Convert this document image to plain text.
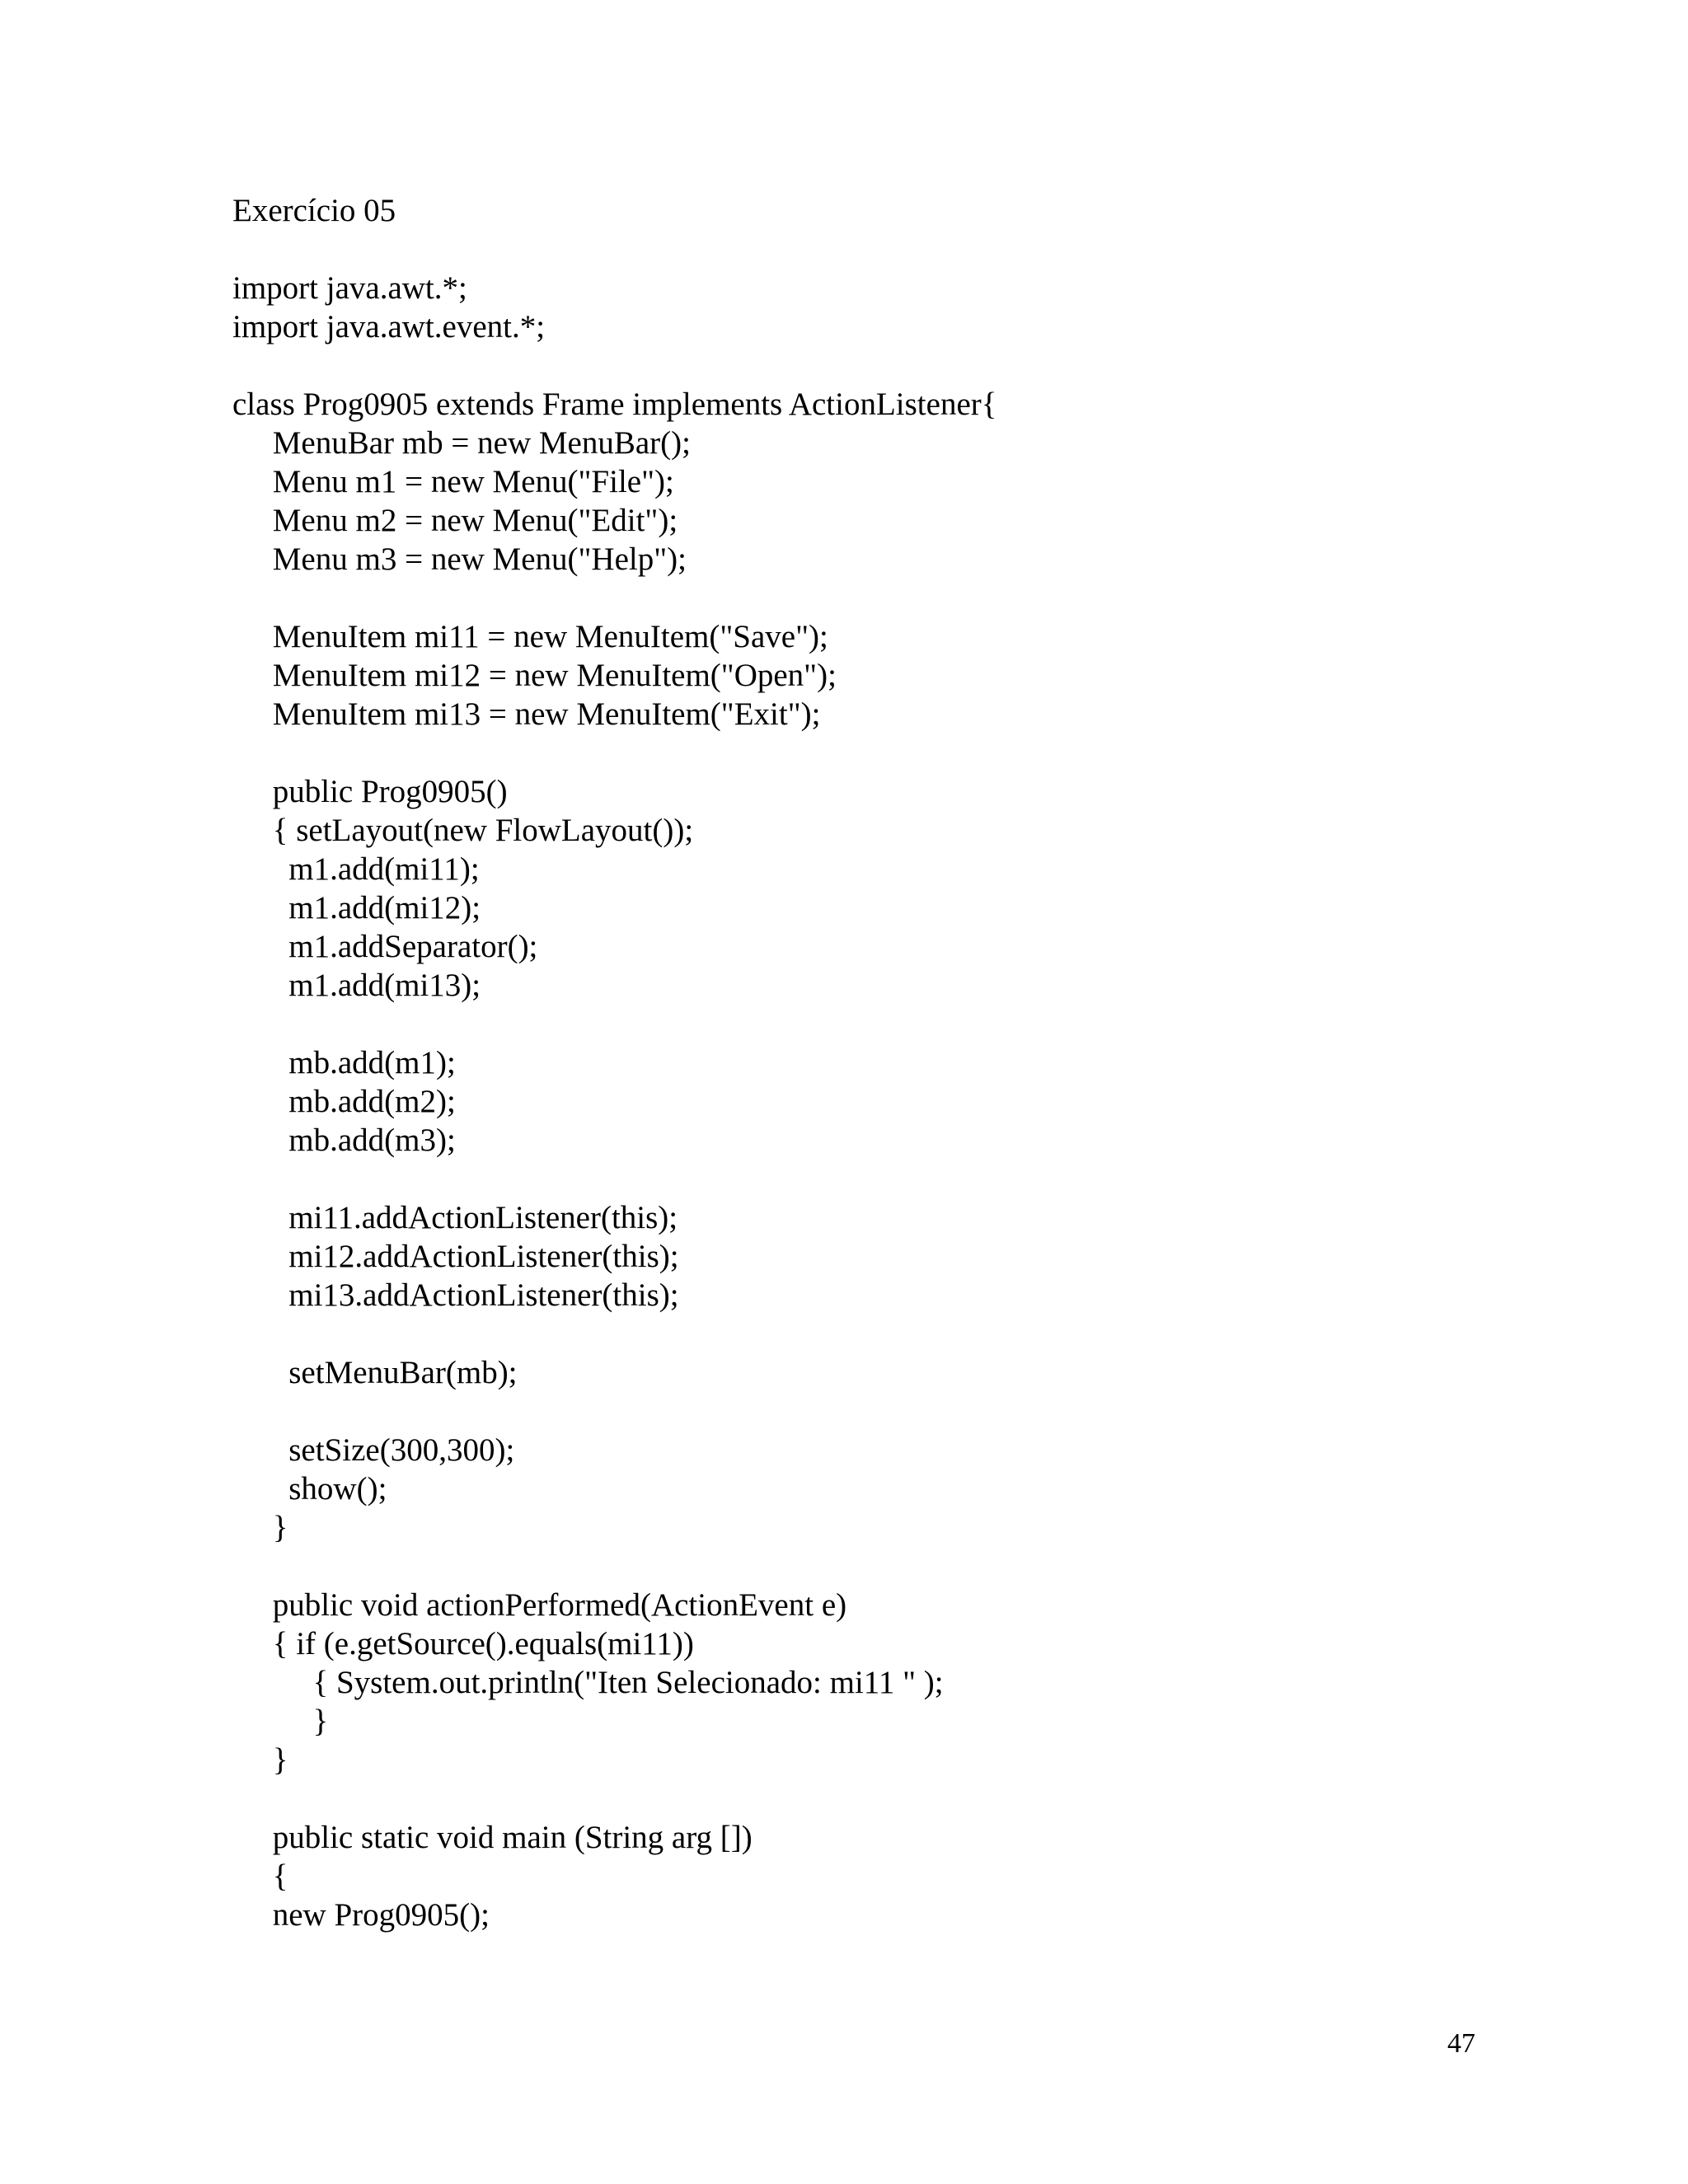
Exercício 05
import java.awt.*;
import java.awt.event.*;
class Prog0905 extends Frame implements ActionListener{
MenuBar mb = new MenuBar();
Menu m1 = new Menu("File");
Menu m2 = new Menu("Edit");
Menu m3 = new Menu("Help");
MenuItem mi11 = new MenuItem("Save");
MenuItem mi12 = new MenuItem("Open");
MenuItem mi13 = new MenuItem("Exit");
public Prog0905()
{ setLayout(new FlowLayout());
m1.add(mi11);
m1.add(mi12);
m1.addSeparator();
m1.add(mi13);
mb.add(m1);
mb.add(m2);
mb.add(m3);
mi11.addActionListener(this);
mi12.addActionListener(this);
mi13.addActionListener(this);
setMenuBar(mb);
setSize(300,300);
show();
}
public void actionPerformed(ActionEvent e)
{ if (e.getSource().equals(mi11))
{ System.out.println("Iten Selecionado: mi11 " );
}
}
public static void main (String arg [])
{
new Prog0905();
47
